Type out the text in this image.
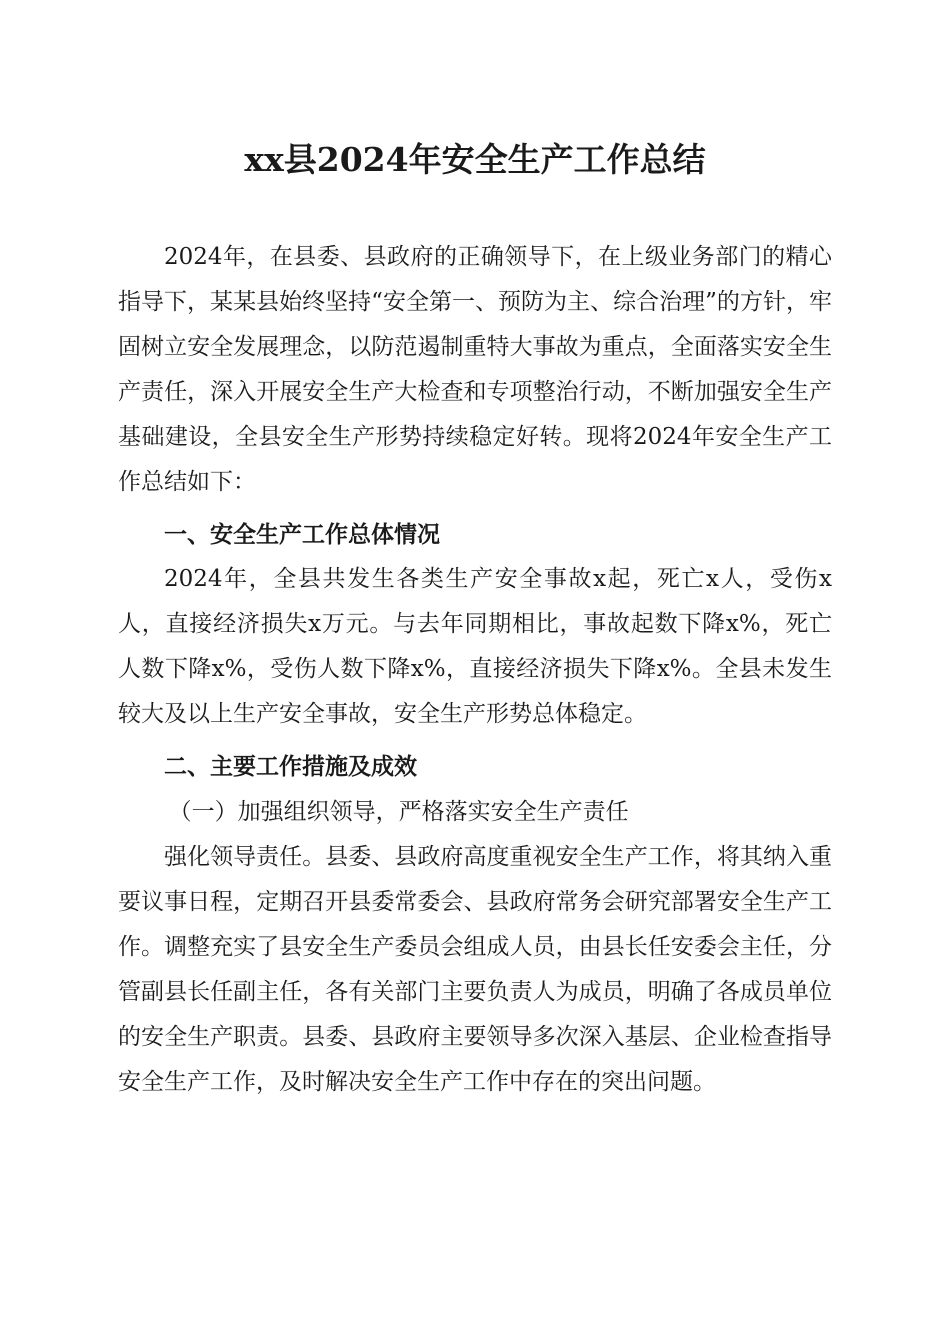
xx县2024年安全生产工作总结

2024年，在县委、县政府的正确领导下，在上级业务部门的精心指导下，某某县始终坚持“安全第一、预防为主、综合治理”的方针，牢固树立安全发展理念，以防范遏制重特大事故为重点，全面落实安全生产责任，深入开展安全生产大检查和专项整治行动，不断加强安全生产基础建设，全县安全生产形势持续稳定好转。现将2024年安全生产工作总结如下：

一、安全生产工作总体情况

2024年，全县共发生各类生产安全事故x起，死亡x人，受伤x人，直接经济损失x万元。与去年同期相比，事故起数下降x%，死亡人数下降x%，受伤人数下降x%，直接经济损失下降x%。全县未发生较大及以上生产安全事故，安全生产形势总体稳定。

二、主要工作措施及成效

（一）加强组织领导，严格落实安全生产责任

强化领导责任。县委、县政府高度重视安全生产工作，将其纳入重要议事日程，定期召开县委常委会、县政府常务会研究部署安全生产工作。调整充实了县安全生产委员会组成人员，由县长任安委会主任，分管副县长任副主任，各有关部门主要负责人为成员，明确了各成员单位的安全生产职责。县委、县政府主要领导多次深入基层、企业检查指导安全生产工作，及时解决安全生产工作中存在的突出问题。
